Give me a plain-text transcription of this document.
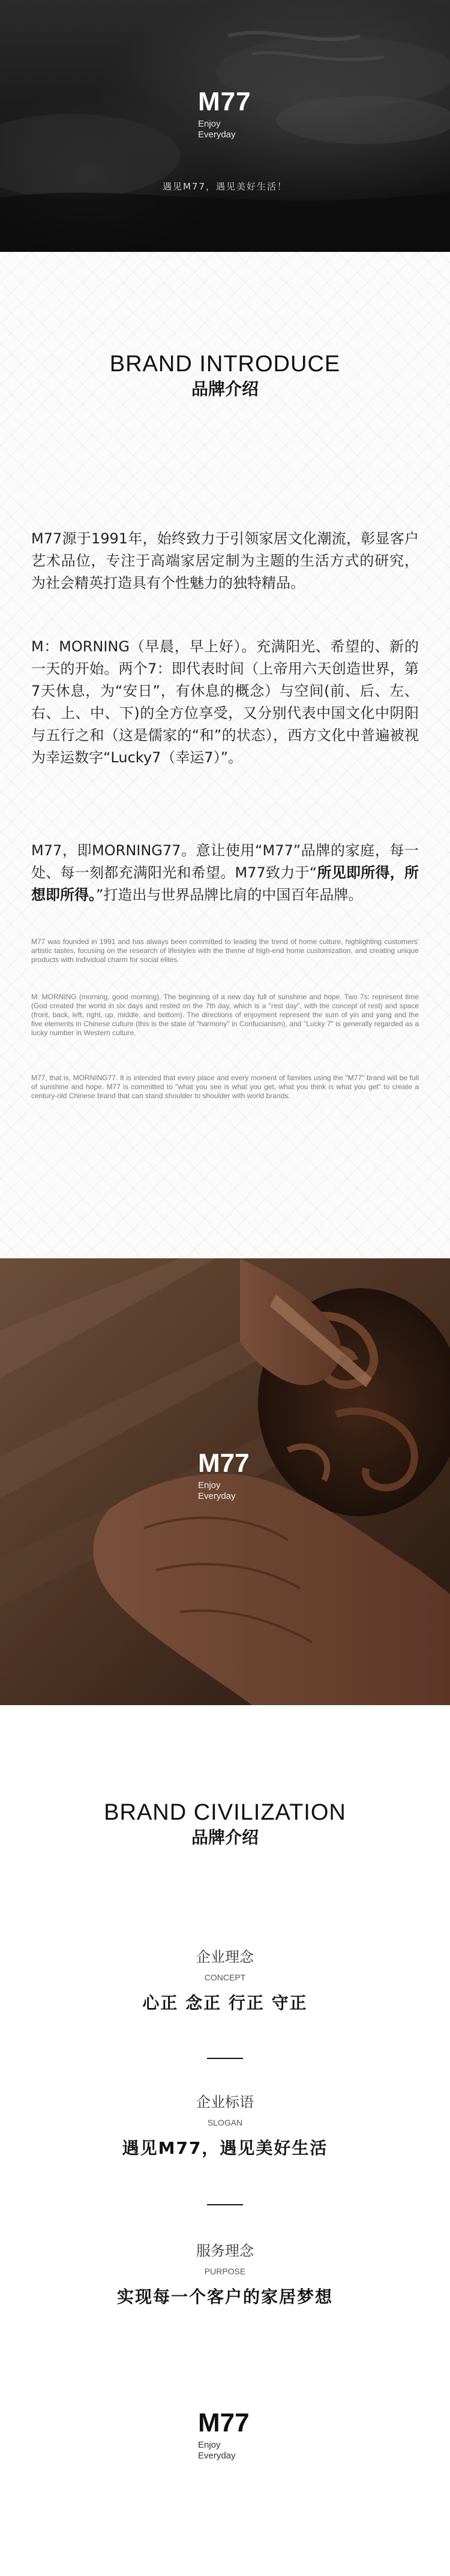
M77
Enjoy
Everyday
遇见M77，遇见美好生活！
BRAND INTRODUCE
品牌介绍

M77源于1991年，始终致力于引领家居文化潮流，彰显客户艺术品位，专注于高端家居定制为主题的生活方式的研究，为社会精英打造具有个性魅力的独特精品。

M：MORNING（早晨，早上好）。充满阳光、希望的、新的一天的开始。两个7：即代表时间（上帝用六天创造世界，第7天休息，为“安日”，有休息的概念）与空间(前、后、左、右、上、中、下)的全方位享受，又分别代表中国文化中阴阳与五行之和（这是儒家的“和”的状态），西方文化中普遍被视为幸运数字“Lucky7（幸运7）”。

M77，即MORNING77。意让使用“M77”品牌的家庭，每一处、每一刻都充满阳光和希望。M77致力于“所见即所得，所想即所得。”打造出与世界品牌比肩的中国百年品牌。

M77 was founded in 1991 and has always been committed to leading the trend of home culture, highlighting customers' artistic tastes, focusing on the research of lifestyles with the theme of high-end home customization, and creating unique products with individual charm for social elites.

M: MORNING (morning, good morning). The beginning of a new day full of sunshine and hope. Two 7s: represent time (God created the world in six days and rested on the 7th day, which is a "rest day", with the concept of rest) and space (front, back, left, right, up, middle, and bottom). The directions of enjoyment represent the sum of yin and yang and the five elements in Chinese culture (this is the state of "harmony" in Confucianism), and "Lucky 7" is generally regarded as a lucky number in Western culture.

M77, that is, MORNING77. It is intended that every place and every moment of families using the "M77" brand will be full of sunshine and hope. M77 is committed to "what you see is what you get, what you think is what you get" to create a century-old Chinese brand that can stand shoulder to shoulder with world brands.

M77
Enjoy
Everyday
BRAND CIVILIZATION
品牌介绍
企业理念
CONCEPT
心正 念正 行正 守正
企业标语
SLOGAN
遇见M77，遇见美好生活
服务理念
PURPOSE
实现每一个客户的家居梦想
M77
Enjoy
Everyday
